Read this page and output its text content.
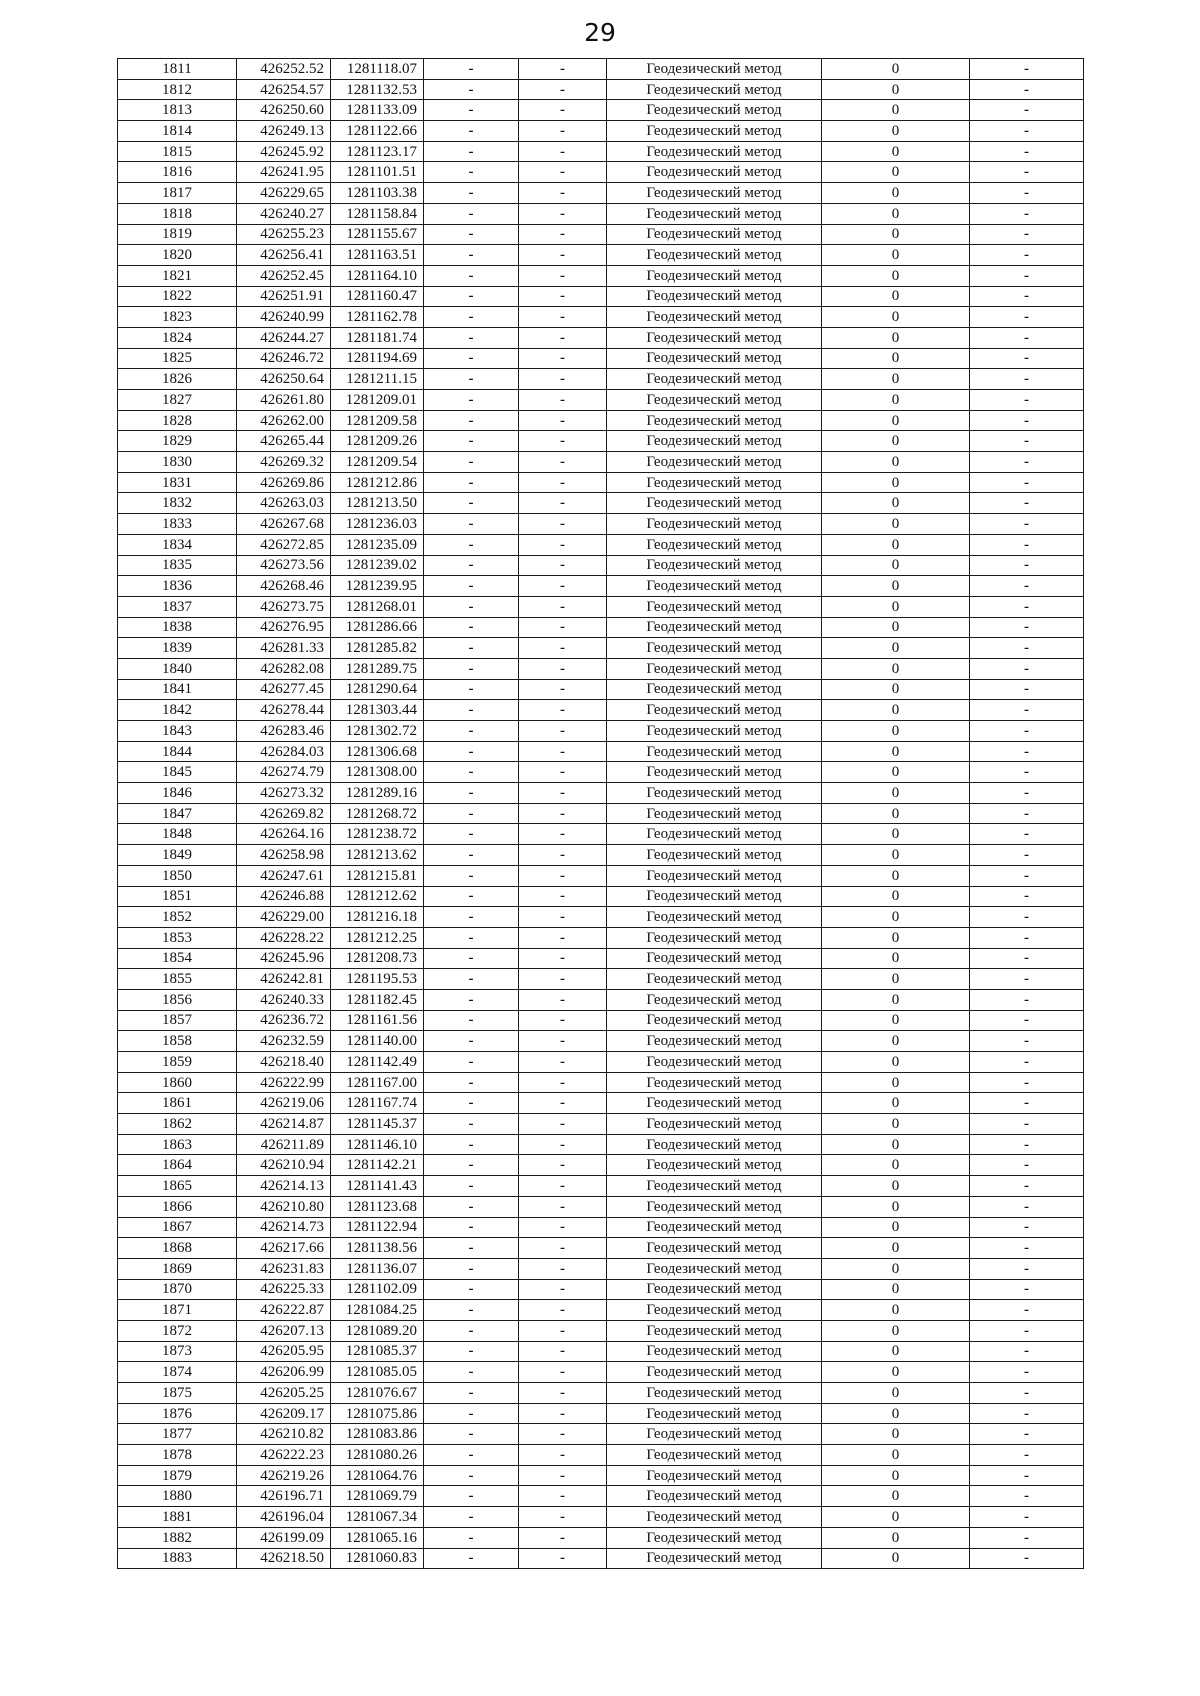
29
1811	426252.52	1281118.07	-	-	Геодезический метод	0	-
1812	426254.57	1281132.53	-	-	Геодезический метод	0	-
1813	426250.60	1281133.09	-	-	Геодезический метод	0	-
1814	426249.13	1281122.66	-	-	Геодезический метод	0	-
1815	426245.92	1281123.17	-	-	Геодезический метод	0	-
1816	426241.95	1281101.51	-	-	Геодезический метод	0	-
1817	426229.65	1281103.38	-	-	Геодезический метод	0	-
1818	426240.27	1281158.84	-	-	Геодезический метод	0	-
1819	426255.23	1281155.67	-	-	Геодезический метод	0	-
1820	426256.41	1281163.51	-	-	Геодезический метод	0	-
1821	426252.45	1281164.10	-	-	Геодезический метод	0	-
1822	426251.91	1281160.47	-	-	Геодезический метод	0	-
1823	426240.99	1281162.78	-	-	Геодезический метод	0	-
1824	426244.27	1281181.74	-	-	Геодезический метод	0	-
1825	426246.72	1281194.69	-	-	Геодезический метод	0	-
1826	426250.64	1281211.15	-	-	Геодезический метод	0	-
1827	426261.80	1281209.01	-	-	Геодезический метод	0	-
1828	426262.00	1281209.58	-	-	Геодезический метод	0	-
1829	426265.44	1281209.26	-	-	Геодезический метод	0	-
1830	426269.32	1281209.54	-	-	Геодезический метод	0	-
1831	426269.86	1281212.86	-	-	Геодезический метод	0	-
1832	426263.03	1281213.50	-	-	Геодезический метод	0	-
1833	426267.68	1281236.03	-	-	Геодезический метод	0	-
1834	426272.85	1281235.09	-	-	Геодезический метод	0	-
1835	426273.56	1281239.02	-	-	Геодезический метод	0	-
1836	426268.46	1281239.95	-	-	Геодезический метод	0	-
1837	426273.75	1281268.01	-	-	Геодезический метод	0	-
1838	426276.95	1281286.66	-	-	Геодезический метод	0	-
1839	426281.33	1281285.82	-	-	Геодезический метод	0	-
1840	426282.08	1281289.75	-	-	Геодезический метод	0	-
1841	426277.45	1281290.64	-	-	Геодезический метод	0	-
1842	426278.44	1281303.44	-	-	Геодезический метод	0	-
1843	426283.46	1281302.72	-	-	Геодезический метод	0	-
1844	426284.03	1281306.68	-	-	Геодезический метод	0	-
1845	426274.79	1281308.00	-	-	Геодезический метод	0	-
1846	426273.32	1281289.16	-	-	Геодезический метод	0	-
1847	426269.82	1281268.72	-	-	Геодезический метод	0	-
1848	426264.16	1281238.72	-	-	Геодезический метод	0	-
1849	426258.98	1281213.62	-	-	Геодезический метод	0	-
1850	426247.61	1281215.81	-	-	Геодезический метод	0	-
1851	426246.88	1281212.62	-	-	Геодезический метод	0	-
1852	426229.00	1281216.18	-	-	Геодезический метод	0	-
1853	426228.22	1281212.25	-	-	Геодезический метод	0	-
1854	426245.96	1281208.73	-	-	Геодезический метод	0	-
1855	426242.81	1281195.53	-	-	Геодезический метод	0	-
1856	426240.33	1281182.45	-	-	Геодезический метод	0	-
1857	426236.72	1281161.56	-	-	Геодезический метод	0	-
1858	426232.59	1281140.00	-	-	Геодезический метод	0	-
1859	426218.40	1281142.49	-	-	Геодезический метод	0	-
1860	426222.99	1281167.00	-	-	Геодезический метод	0	-
1861	426219.06	1281167.74	-	-	Геодезический метод	0	-
1862	426214.87	1281145.37	-	-	Геодезический метод	0	-
1863	426211.89	1281146.10	-	-	Геодезический метод	0	-
1864	426210.94	1281142.21	-	-	Геодезический метод	0	-
1865	426214.13	1281141.43	-	-	Геодезический метод	0	-
1866	426210.80	1281123.68	-	-	Геодезический метод	0	-
1867	426214.73	1281122.94	-	-	Геодезический метод	0	-
1868	426217.66	1281138.56	-	-	Геодезический метод	0	-
1869	426231.83	1281136.07	-	-	Геодезический метод	0	-
1870	426225.33	1281102.09	-	-	Геодезический метод	0	-
1871	426222.87	1281084.25	-	-	Геодезический метод	0	-
1872	426207.13	1281089.20	-	-	Геодезический метод	0	-
1873	426205.95	1281085.37	-	-	Геодезический метод	0	-
1874	426206.99	1281085.05	-	-	Геодезический метод	0	-
1875	426205.25	1281076.67	-	-	Геодезический метод	0	-
1876	426209.17	1281075.86	-	-	Геодезический метод	0	-
1877	426210.82	1281083.86	-	-	Геодезический метод	0	-
1878	426222.23	1281080.26	-	-	Геодезический метод	0	-
1879	426219.26	1281064.76	-	-	Геодезический метод	0	-
1880	426196.71	1281069.79	-	-	Геодезический метод	0	-
1881	426196.04	1281067.34	-	-	Геодезический метод	0	-
1882	426199.09	1281065.16	-	-	Геодезический метод	0	-
1883	426218.50	1281060.83	-	-	Геодезический метод	0	-
